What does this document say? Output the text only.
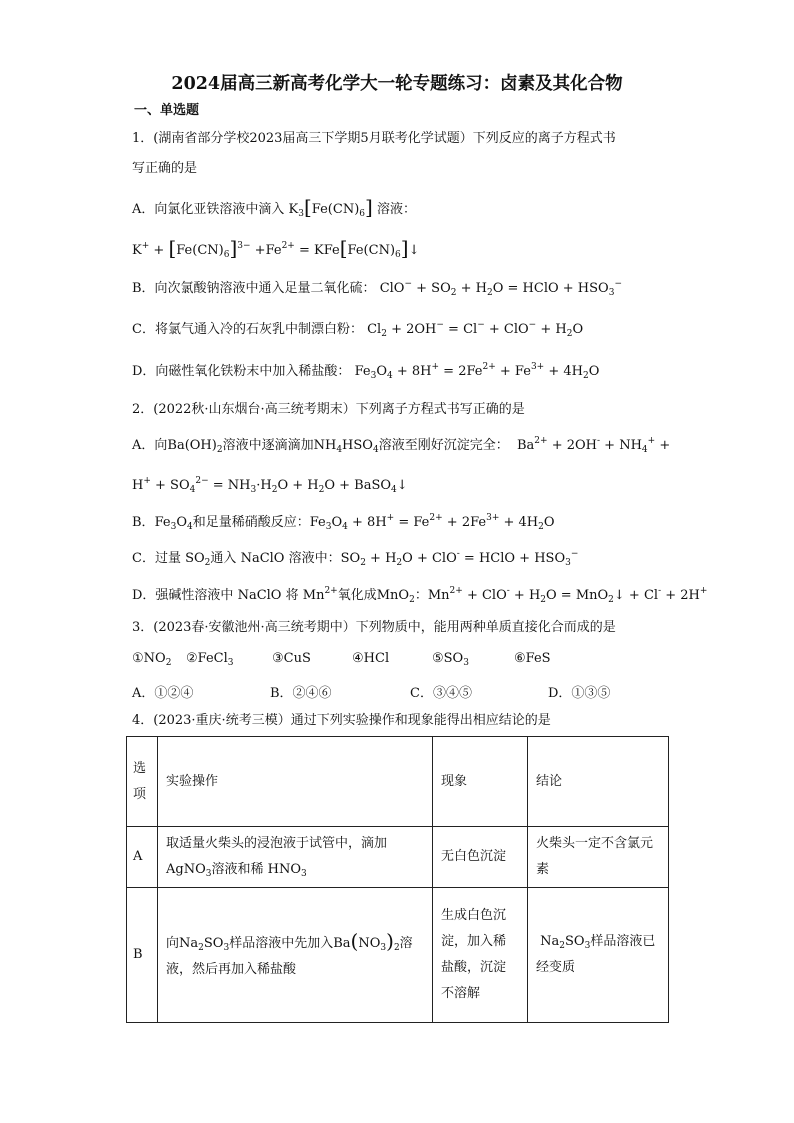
2024届高三新高考化学大一轮专题练习：卤素及其化合物
一、单选题
1．(湖南省部分学校2023届高三下学期5月联考化学试题）下列反应的离子方程式书
写正确的是
A．向氯化亚铁溶液中滴入 $K_3[Fe(CN)_6]$ 溶液：
$K^+ + [Fe(CN)_6]^{3-} +Fe^{2+}$ = $KFe[Fe(CN)_6]↓$
B．向次氯酸钠溶液中通入足量二氧化硫： $ClO^- + SO_2 + H_2O$ = HClO + $HSO_3^-$
C．将氯气通入冷的石灰乳中制漂白粉： $Cl_2 + 2OH^- = Cl^- + ClO^- + H_2O$
D．向磁性氧化铁粉末中加入稀盐酸： $Fe_3O_4 + 8H^+ = 2Fe^{2+} + Fe^{3+} + 4H_2O$
2．(2022秋·山东烟台·高三统考期末）下列离子方程式书写正确的是
A．向$Ba(OH)_2$溶液中逐滴滴加$NH_4HSO_4$溶液至刚好沉淀完全：  $Ba^{2+} + 2OH^- + NH_4^+$ +
$H^+ + SO_4^{2-} = NH_3\cdot H_2O + H_2O$ + BaSO$_4$↓
B．$Fe_3O_4$和足量稀硝酸反应：$Fe_3O_4 + 8H^+ = Fe^{2+} + 2Fe^{3+} + 4H_2O$
C．过量 $SO_2$通入 NaClO 溶液中：$SO_2 + H_2O + ClO^-$ = HClO + $HSO_3^-$
D．强碱性溶液中 NaClO 将 $Mn^{2+}$氧化成MnO$_2$：$Mn^{2+} + ClO^- + H_2O$ = MnO$_2$↓ + Cl- + 2H+
3．(2023春·安徽池州·高三统考期中）下列物质中，能用两种单质直接化合而成的是
$①NO_2$ ②FeCl$_3$	③CuS	④HCl	$⑤SO_3$	⑥FeS
A．①②④	B．②④⑥	C．③④⑤	D．①③⑤
4．(2023·重庆·统考三模）通过下列实验操作和现象能得出相应结论的是
选项	实验操作	现象	结论
A	取适量火柴头的浸泡液于试管中，滴加
AgNO$_3$溶液和稀 $HNO_3$	无白色沉淀	火柴头一定不含氯元
素
B	向$Na_2SO_3$样品溶液中先加入$Ba(NO_3)_2$溶
液，然后再加入稀盐酸	生成白色沉
淀，加入稀
盐酸，沉淀
不溶解	$Na_2SO_3$样品溶液已
经变质
